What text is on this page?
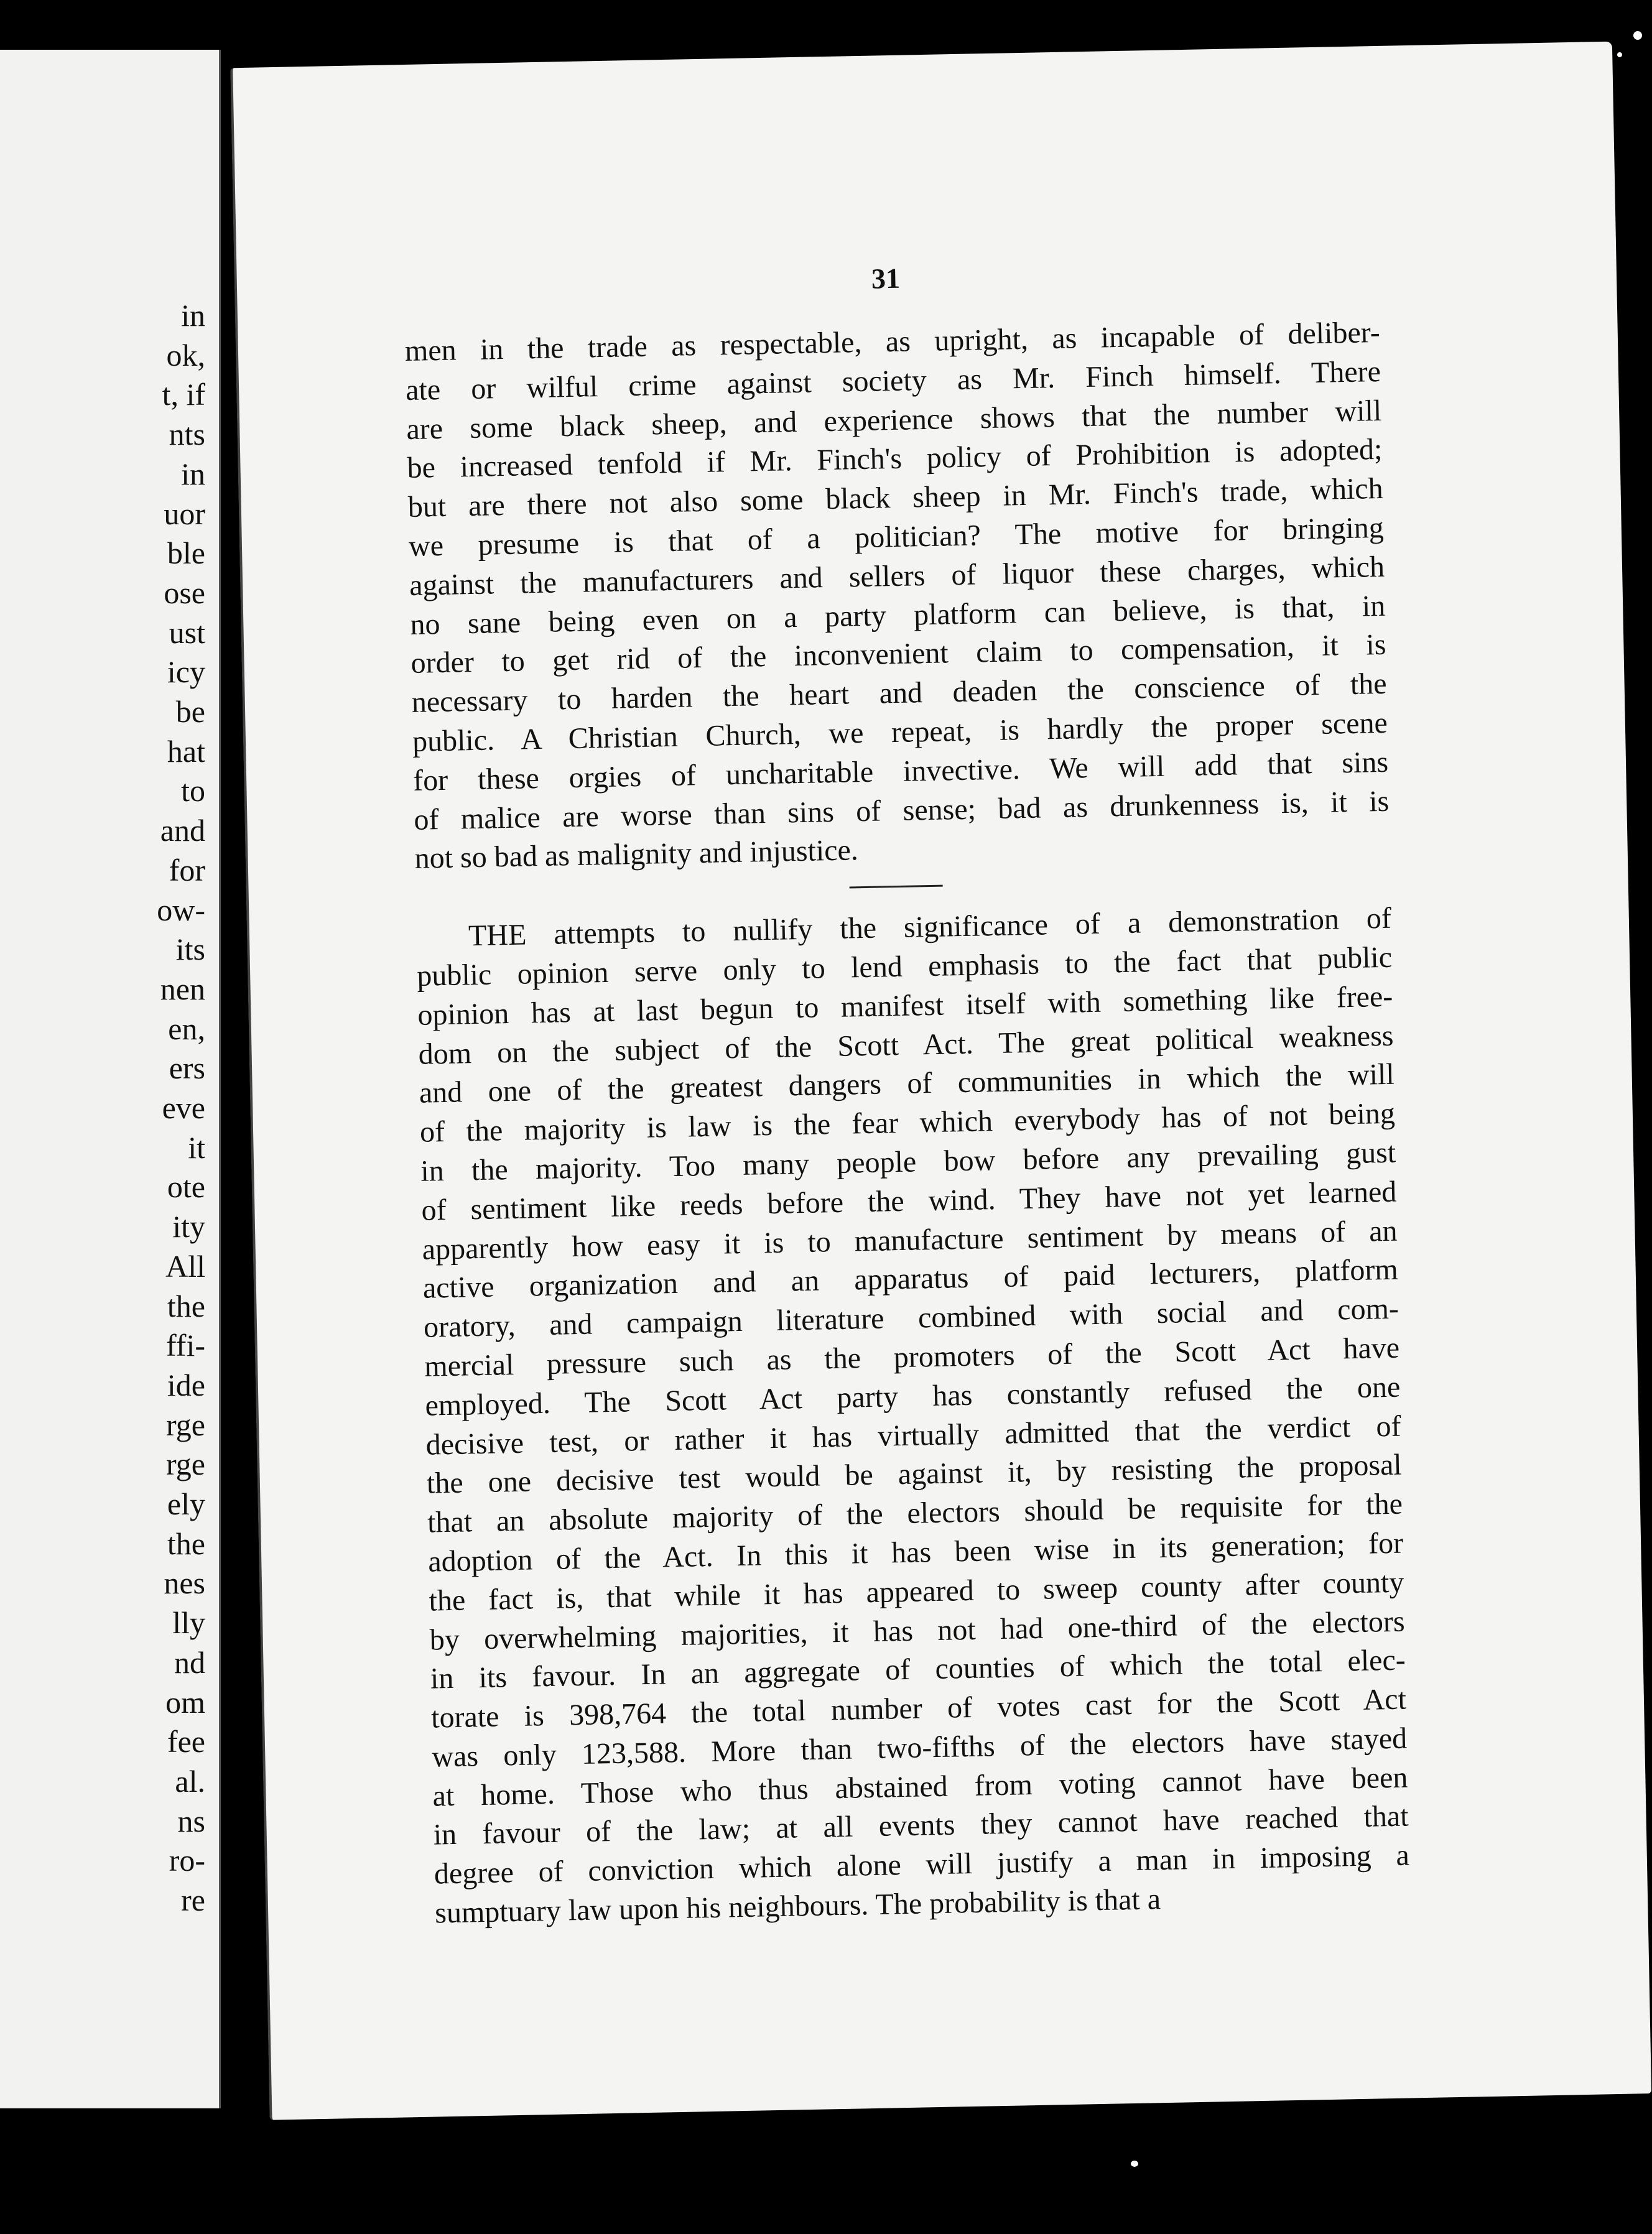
in
ok,
t, if
nts
in
uor
ble
ose
ust
icy
be
hat
to
and
for
ow-
its
nen
en,
ers
eve
it
ote
ity
All
the
ffi-
ide
rge
rge
ely
the
nes
lly
nd
om
fee
al.
ns
ro-
re
31
men in the trade as respectable, as upright, as incapable of deliber-
ate or wilful crime against society as Mr. Finch himself. There
are some black sheep, and experience shows that the number will
be increased tenfold if Mr. Finch's policy of Prohibition is adopted;
but are there not also some black sheep in Mr. Finch's trade, which
we presume is that of a politician? The motive for bringing
against the manufacturers and sellers of liquor these charges, which
no sane being even on a party platform can believe, is that, in
order to get rid of the inconvenient claim to compensation, it is
necessary to harden the heart and deaden the conscience of the
public. A Christian Church, we repeat, is hardly the proper scene
for these orgies of uncharitable invective. We will add that sins
of malice are worse than sins of sense; bad as drunkenness is, it is
not so bad as malignity and injustice.
THE attempts to nullify the significance of a demonstration of
public opinion serve only to lend emphasis to the fact that public
opinion has at last begun to manifest itself with something like free-
dom on the subject of the Scott Act. The great political weakness
and one of the greatest dangers of communities in which the will
of the majority is law is the fear which everybody has of not being
in the majority. Too many people bow before any prevailing gust
of sentiment like reeds before the wind. They have not yet learned
apparently how easy it is to manufacture sentiment by means of an
active organization and an apparatus of paid lecturers, platform
oratory, and campaign literature combined with social and com-
mercial pressure such as the promoters of the Scott Act have
employed. The Scott Act party has constantly refused the one
decisive test, or rather it has virtually admitted that the verdict of
the one decisive test would be against it, by resisting the proposal
that an absolute majority of the electors should be requisite for the
adoption of the Act. In this it has been wise in its generation; for
the fact is, that while it has appeared to sweep county after county
by overwhelming majorities, it has not had one-third of the electors
in its favour. In an aggregate of counties of which the total elec-
torate is 398,764 the total number of votes cast for the Scott Act
was only 123,588. More than two-fifths of the electors have stayed
at home. Those who thus abstained from voting cannot have been
in favour of the law; at all events they cannot have reached that
degree of conviction which alone will justify a man in imposing a
sumptuary law upon his neighbours. The probability is that a
